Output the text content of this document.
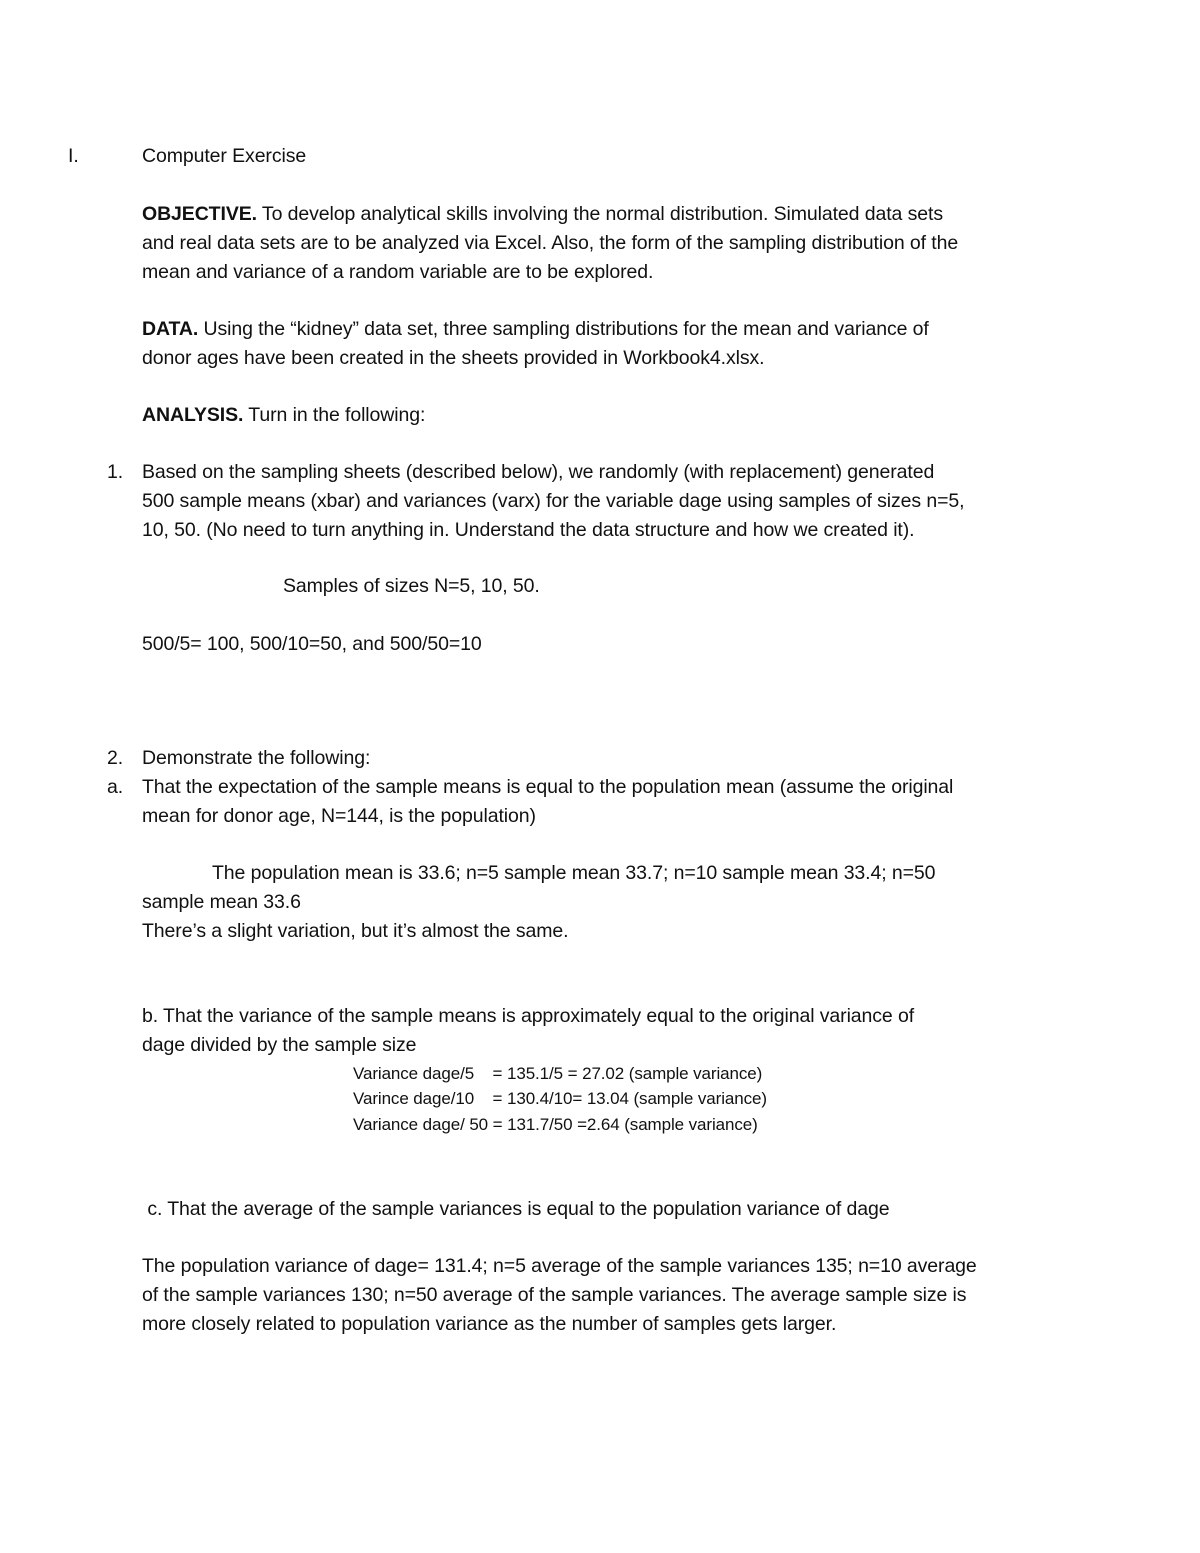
I.	Computer Exercise
OBJECTIVE. To develop analytical skills involving the normal distribution. Simulated data sets
and real data sets are to be analyzed via Excel. Also, the form of the sampling distribution of the
mean and variance of a random variable are to be explored.
DATA. Using the “kidney” data set, three sampling distributions for the mean and variance of
donor ages have been created in the sheets provided in Workbook4.xlsx.
ANALYSIS. Turn in the following:
1. Based on the sampling sheets (described below), we randomly (with replacement) generated
500 sample means (xbar) and variances (varx) for the variable dage using samples of sizes n=5,
10, 50. (No need to turn anything in. Understand the data structure and how we created it).
Samples of sizes N=5, 10, 50.
500/5= 100, 500/10=50, and 500/50=10
2. Demonstrate the following:
a. That the expectation of the sample means is equal to the population mean (assume the original
mean for donor age, N=144, is the population)
The population mean is 33.6; n=5 sample mean 33.7; n=10 sample mean 33.4; n=50
sample mean 33.6
There’s a slight variation, but it’s almost the same.
b. That the variance of the sample means is approximately equal to the original variance of
dage divided by the sample size
Variance dage/5    = 135.1/5 = 27.02 (sample variance)
Varince dage/10    = 130.4/10= 13.04 (sample variance)
Variance dage/ 50 = 131.7/50 =2.64 (sample variance)
c. That the average of the sample variances is equal to the population variance of dage
The population variance of dage= 131.4; n=5 average of the sample variances 135; n=10 average
of the sample variances 130; n=50 average of the sample variances. The average sample size is
more closely related to population variance as the number of samples gets larger.
